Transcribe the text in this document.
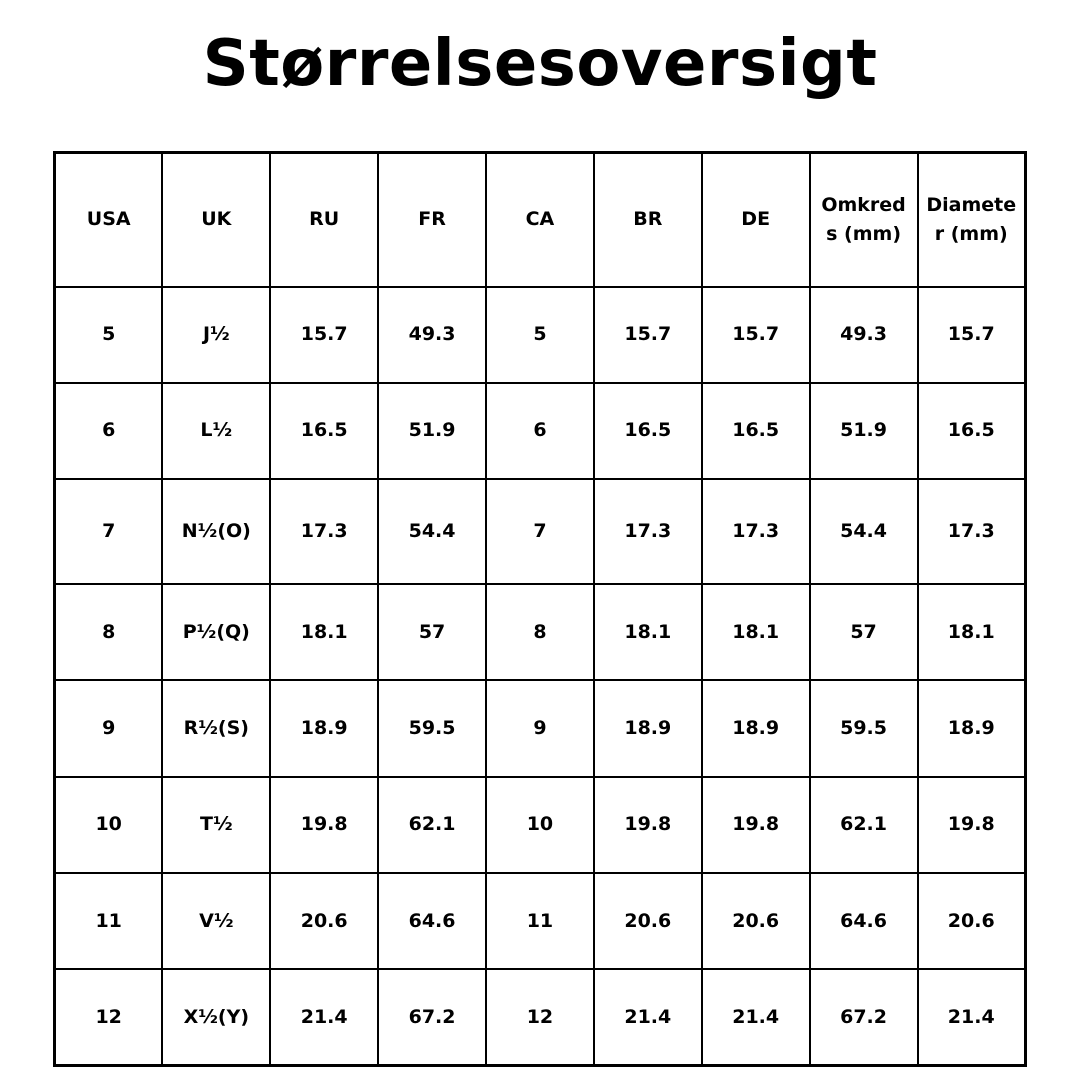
Størrelsesoversigt
USA	UK	RU	FR	CA	BR	DE	Omkreds (mm)	Diameter (mm)
5	J½	15.7	49.3	5	15.7	15.7	49.3	15.7
6	L½	16.5	51.9	6	16.5	16.5	51.9	16.5
7	N½(O)	17.3	54.4	7	17.3	17.3	54.4	17.3
8	P½(Q)	18.1	57	8	18.1	18.1	57	18.1
9	R½(S)	18.9	59.5	9	18.9	18.9	59.5	18.9
10	T½	19.8	62.1	10	19.8	19.8	62.1	19.8
11	V½	20.6	64.6	11	20.6	20.6	64.6	20.6
12	X½(Y)	21.4	67.2	12	21.4	21.4	67.2	21.4
